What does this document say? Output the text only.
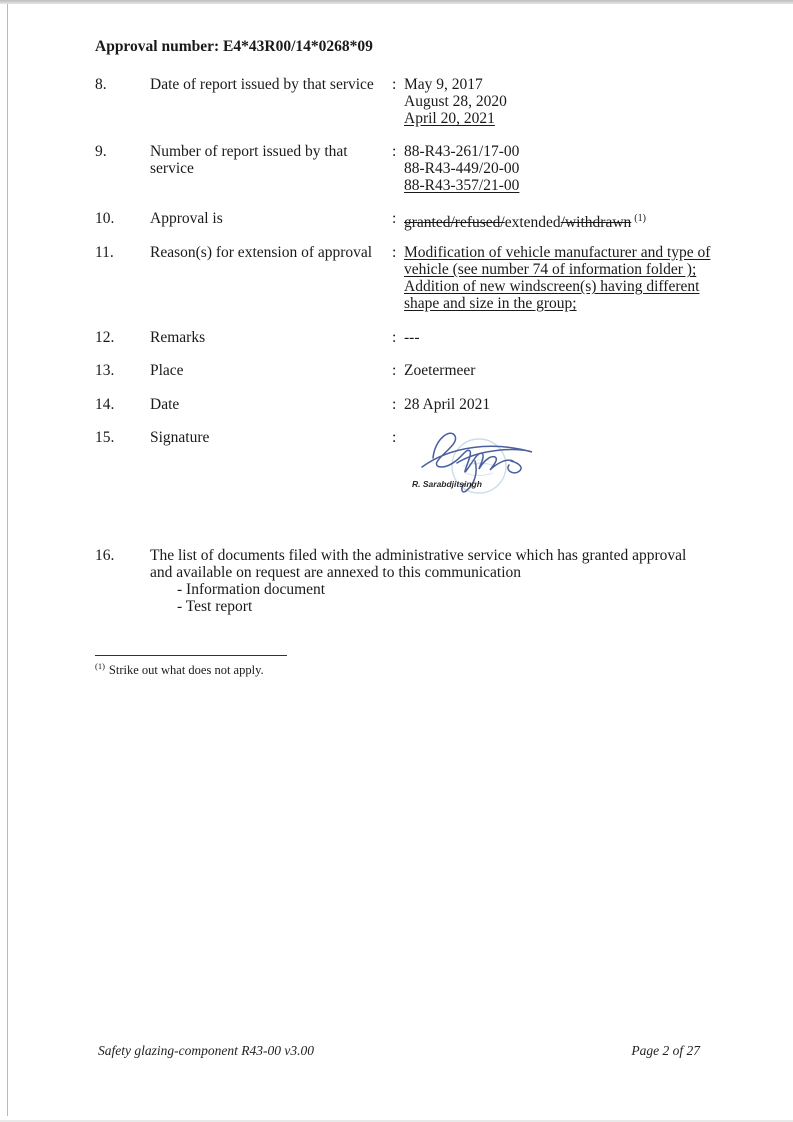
Approval number: E4*43R00/14*0268*09
8.	Date of report issued by that service : May 9, 2017
August 28, 2020
April 20, 2021
9.	Number of report issued by that service
: 88-R43-261/17-00
88-R43-449/20-00
88-R43-357/21-00
10. Approval is	: granted/refused/extended/withdrawn $^{(1)}$
11. Reason(s) for extension of approval : Modification of vehicle manufacturer and type of
vehicle (see number 74 of information folder );
Addition of new windscreen(s) having different
shape and size in the group;
12. Remarks	: ---
13. Place	: Zoetermeer
14. Date	: 28 April 2021
15. Signature	:
R. Sarabdjitsingh
16. The list of documents filed with the administrative service which has granted approval and available on request are annexed to this communication
- Information document
- Test report
$^{(1)}$ Strike out what does not apply.
Safety glazing-component R43-00 v3.00	Page 2 of 27
